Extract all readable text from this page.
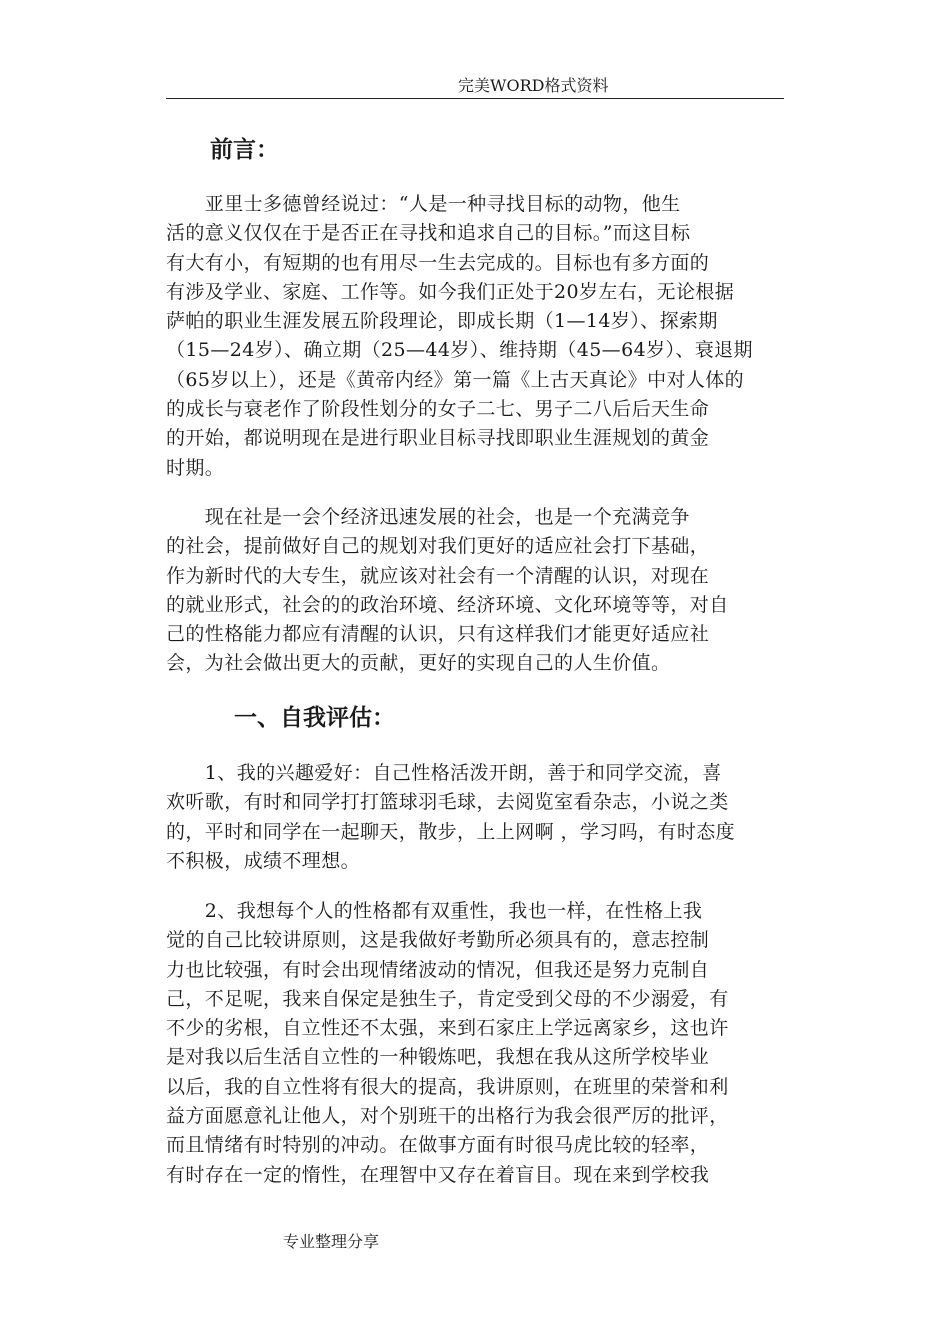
完美WORD格式资料
前言：
　　亚里士多德曾经说过：“人是一种寻找目标的动物，他生
活的意义仅仅在于是否正在寻找和追求自己的目标。”而这目标
有大有小，有短期的也有用尽一生去完成的。目标也有多方面的
有涉及学业、家庭、工作等。如今我们正处于20岁左右，无论根据
萨帕的职业生涯发展五阶段理论，即成长期（1—14岁）、探索期
（15—24岁）、确立期（25—44岁）、维持期（45—64岁）、衰退期
（65岁以上），还是《黄帝内经》第一篇《上古天真论》中对人体的
的成长与衰老作了阶段性划分的女子二七、男子二八后后天生命
的开始，都说明现在是进行职业目标寻找即职业生涯规划的黄金
时期。
　　现在社是一会个经济迅速发展的社会，也是一个充满竞争
的社会，提前做好自己的规划对我们更好的适应社会打下基础，
作为新时代的大专生，就应该对社会有一个清醒的认识，对现在
的就业形式，社会的的政治环境、经济环境、文化环境等等，对自
己的性格能力都应有清醒的认识，只有这样我们才能更好适应社
会，为社会做出更大的贡献，更好的实现自己的人生价值。
一、自我评估：
　　1、我的兴趣爱好：自己性格活泼开朗，善于和同学交流，喜
欢听歌，有时和同学打打篮球羽毛球，去阅览室看杂志，小说之类
的，平时和同学在一起聊天，散步，上上网啊 ，学习吗，有时态度
不积极，成绩不理想。
　　2、我想每个人的性格都有双重性，我也一样，在性格上我
觉的自己比较讲原则，这是我做好考勤所必须具有的，意志控制
力也比较强，有时会出现情绪波动的情况，但我还是努力克制自
己，不足呢，我来自保定是独生子，肯定受到父母的不少溺爱，有
不少的劣根，自立性还不太强，来到石家庄上学远离家乡，这也许
是对我以后生活自立性的一种锻炼吧，我想在我从这所学校毕业
以后，我的自立性将有很大的提高，我讲原则，在班里的荣誉和利
益方面愿意礼让他人，对个别班干的出格行为我会很严厉的批评，
而且情绪有时特别的冲动。在做事方面有时很马虎比较的轻率，
有时存在一定的惰性，在理智中又存在着盲目。现在来到学校我
专业整理分享
